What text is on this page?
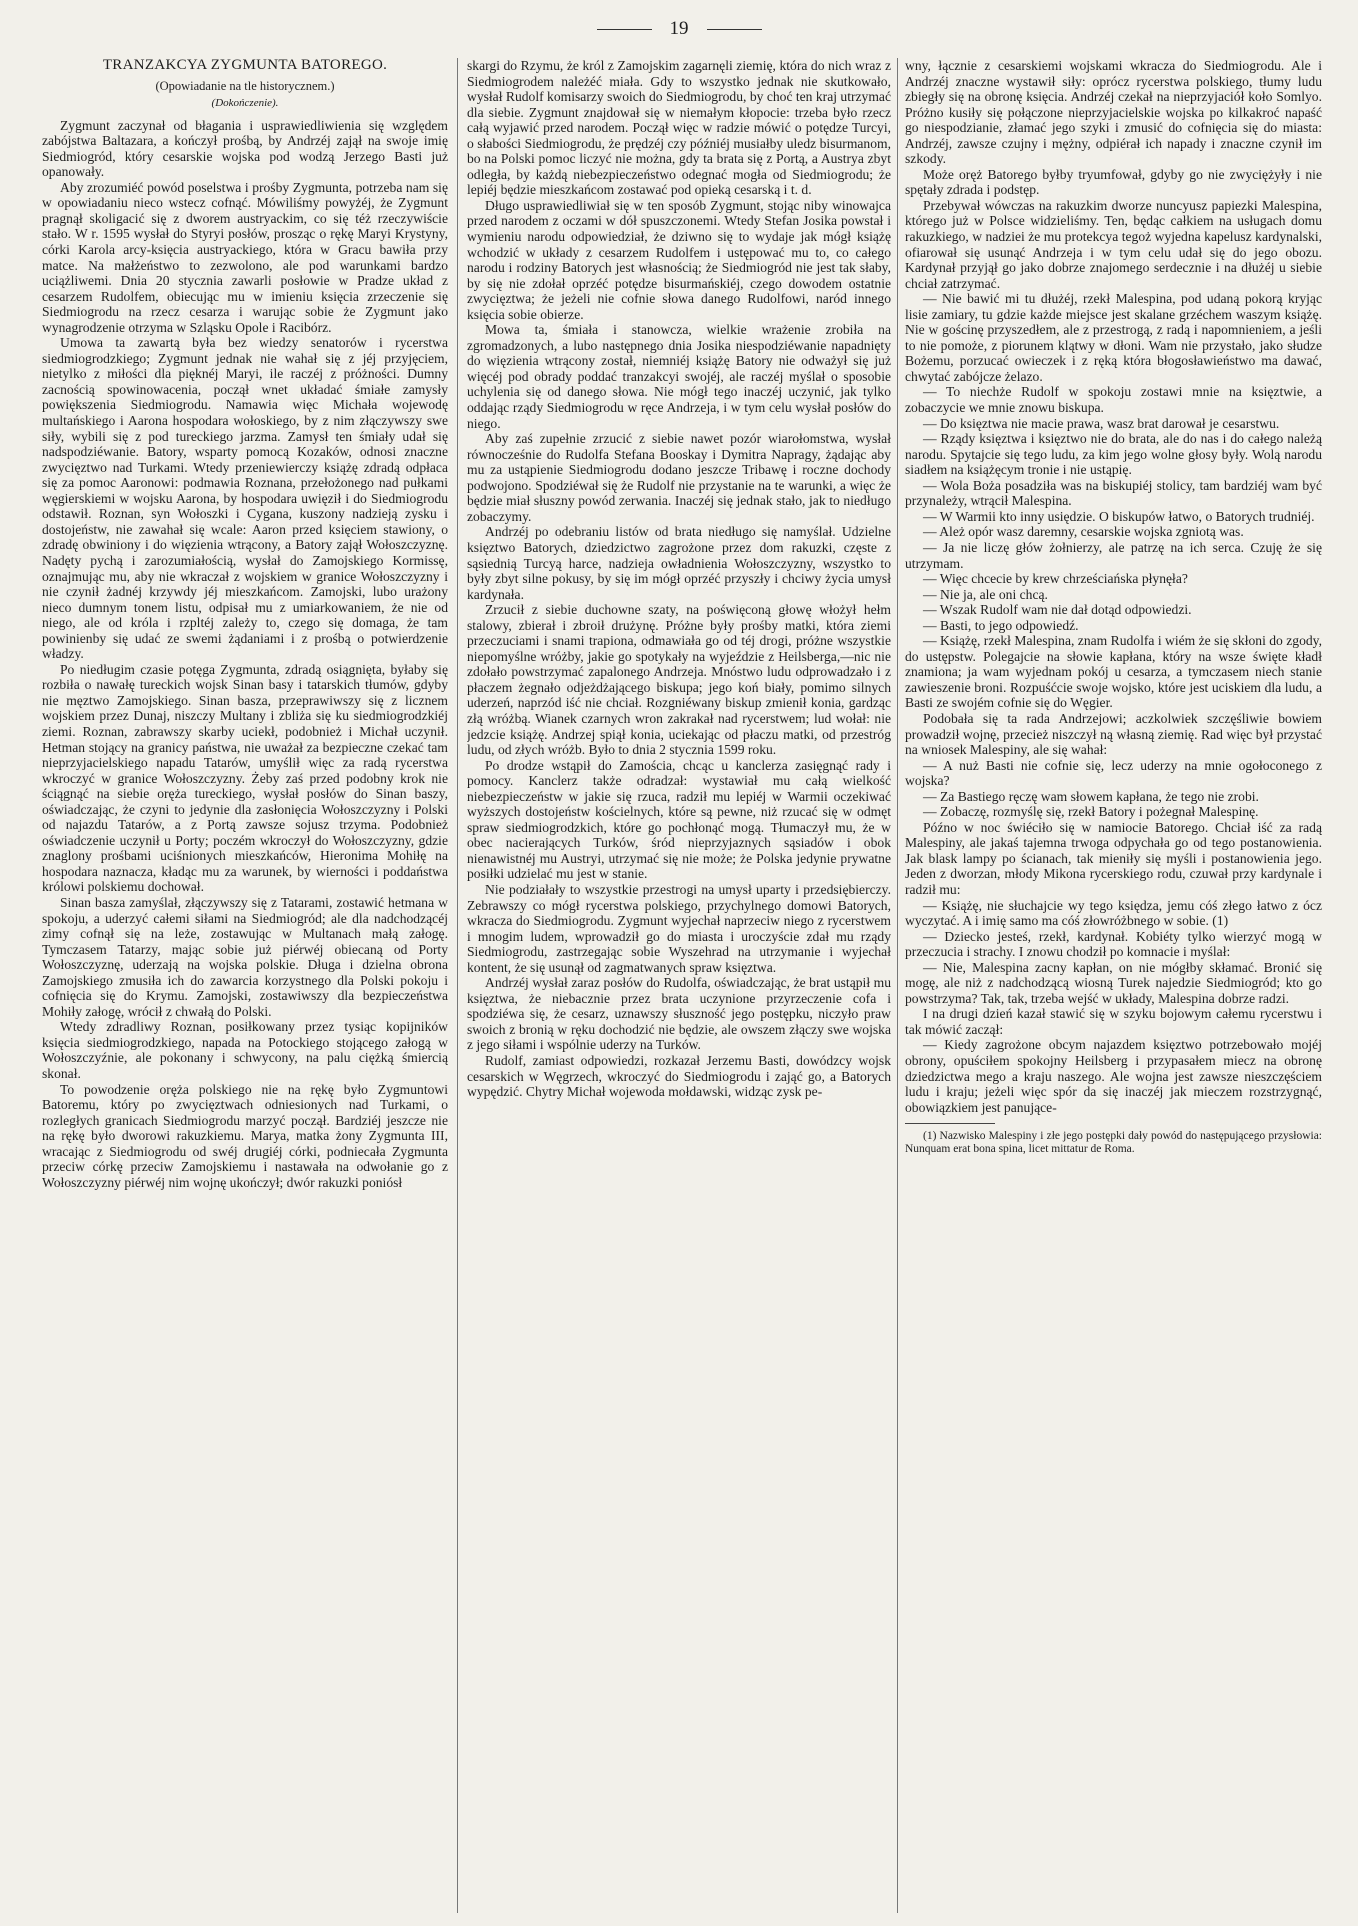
19
TRANZAKCYA ZYGMUNTA BATOREGO.
(Opowiadanie na tle historycznem.)
(Dokończenie).

Zygmunt zaczynał od błagania i usprawiedliwienia się względem zabójstwa Baltazara, a kończył prośbą, by Andrzéj zajął na swoje imię Siedmiogród, który cesarskie wojska pod wodzą Jerzego Basti już opanowały.

Aby zrozumiéć powód poselstwa i prośby Zygmunta, potrzeba nam się w opowiadaniu nieco wstecz cofnąć. Mówiliśmy powyżéj, że Zygmunt pragnął skoligacić się z dworem austryackim, co się téż rzeczywiście stało. W r. 1595 wysłał do Styryi posłów, prosząc o rękę Maryi Krystyny, córki Karola arcy-księcia austryackiego, która w Gracu bawiła przy matce. Na małżeństwo to zezwolono, ale pod warunkami bardzo uciążliwemi. Dnia 20 stycznia zawarli posłowie w Pradze układ z cesarzem Rudolfem, obiecując mu w imieniu księcia zrzeczenie się Siedmiogrodu na rzecz cesarza i warując sobie że Zygmunt jako wynagrodzenie otrzyma w Szląsku Opole i Racibórz.

Umowa ta zawartą była bez wiedzy senatorów i rycerstwa siedmiogrodzkiego; Zygmunt jednak nie wahał się z jéj przyjęciem, nietylko z miłości dla pięknéj Maryi, ile raczéj z próżności. Dumny zacnością spowinowacenia, począł wnet układać śmiałe zamysły powiększenia Siedmiogrodu. Namawia więc Michała wojewodę multańskiego i Aarona hospodara wołoskiego, by z nim złączywszy swe siły, wybili się z pod tureckiego jarzma. Zamysł ten śmiały udał się nadspodziéwanie. Batory, wsparty pomocą Kozaków, odnosi znaczne zwycięztwo nad Turkami. Wtedy przeniewierczy książę zdradą odpłaca się za pomoc Aaronowi: podmawia Roznana, przełożonego nad pułkami węgierskiemi w wojsku Aarona, by hospodara uwięził i do Siedmiogrodu odstawił. Roznan, syn Wołoszki i Cygana, kuszony nadzieją zysku i dostojeństw, nie zawahał się wcale: Aaron przed księciem stawiony, o zdradę obwiniony i do więzienia wtrącony, a Batory zajął Wołoszczyznę. Nadęty pychą i zarozumiałością, wysłał do Zamojskiego Kormissę, oznajmując mu, aby nie wkraczał z wojskiem w granice Wołoszczyzny i nie czynił żadnéj krzywdy jéj mieszkańcom. Zamojski, lubo urażony nieco dumnym tonem listu, odpisał mu z umiarkowaniem, że nie od niego, ale od króla i rzpltéj zależy to, czego się domaga, że tam powinienby się udać ze swemi żądaniami i z prośbą o potwierdzenie władzy.

Po niedługim czasie potęga Zygmunta, zdradą osiągnięta, byłaby się rozbiła o nawałę tureckich wojsk Sinan basy i tatarskich tłumów, gdyby nie męztwo Zamojskiego. Sinan basza, przeprawiwszy się z licznem wojskiem przez Dunaj, niszczy Multany i zbliża się ku siedmiogrodzkiéj ziemi. Roznan, zabrawszy skarby uciekł, podobnież i Michał uczynił. Hetman stojący na granicy państwa, nie uważał za bezpieczne czekać tam nieprzyjacielskiego napadu Tatarów, umyślił więc za radą rycerstwa wkroczyć w granice Wołoszczyzny. Żeby zaś przed podobny krok nie ściągnąć na siebie oręża tureckiego, wysłał posłów do Sinan baszy, oświadczając, że czyni to jedynie dla zasłonięcia Wołoszczyzny i Polski od najazdu Tatarów, a z Portą zawsze sojusz trzyma. Podobnież oświadczenie uczynił u Porty; poczém wkroczył do Wołoszczyzny, gdzie znaglony prośbami uciśnionych mieszkańców, Hieronima Mohiłę na hospodara naznacza, kładąc mu za warunek, by wierności i poddaństwa królowi polskiemu dochował.

Sinan basza zamyślał, złączywszy się z Tatarami, zostawić hetmana w spokoju, a uderzyć całemi siłami na Siedmiogród; ale dla nadchodzącéj zimy cofnął się na leże, zostawując w Multanach małą załogę. Tymczasem Tatarzy, mając sobie już piérwéj obiecaną od Porty Wołoszczyznę, uderzają na wojska polskie. Długa i dzielna obrona Zamojskiego zmusiła ich do zawarcia korzystnego dla Polski pokoju i cofnięcia się do Krymu. Zamojski, zostawiwszy dla bezpieczeństwa Mohiły załogę, wrócił z chwałą do Polski.

Wtedy zdradliwy Roznan, posiłkowany przez tysiąc kopijników księcia siedmiogrodzkiego, napada na Potockiego stojącego załogą w Wołoszczyźnie, ale pokonany i schwycony, na palu ciężką śmiercią skonał.

To powodzenie oręża polskiego nie na rękę było Zygmuntowi Batoremu, który po zwycięztwach odniesionych nad Turkami, o rozległych granicach Siedmiogrodu marzyć począł. Bardziéj jeszcze nie na rękę było dworowi rakuzkiemu. Marya, matka żony Zygmunta III, wracając z Siedmiogrodu od swéj drugiéj córki, podniecała Zygmunta przeciw córkę przeciw Zamojskiemu i nastawała na odwołanie go z Wołoszczyzny piérwéj nim wojnę ukończył; dwór rakuzki poniósł

skargi do Rzymu, że król z Zamojskim zagarnęli ziemię, która do nich wraz z Siedmiogrodem należéć miała. Gdy to wszystko jednak nie skutkowało, wysłał Rudolf komisarzy swoich do Siedmiogrodu, by choć ten kraj utrzymać dla siebie. Zygmunt znajdował się w niemałym kłopocie: trzeba było rzecz całą wyjawić przed narodem. Począł więc w radzie mówić o potędze Turcyi, o słabości Siedmiogrodu, że prędzéj czy późniéj musiałby uledz bisurmanom, bo na Polski pomoc liczyć nie można, gdy ta brata się z Portą, a Austrya zbyt odległa, by każdą niebezpieczeństwo odegnać mogła od Siedmiogrodu; że lepiéj będzie mieszkańcom zostawać pod opieką cesarską i t. d.

Długo usprawiedliwiał się w ten sposób Zygmunt, stojąc niby winowajca przed narodem z oczami w dół spuszczonemi. Wtedy Stefan Josika powstał i wymieniu narodu odpowiedział, że dziwno się to wydaje jak mógł książę wchodzić w układy z cesarzem Rudolfem i ustępować mu to, co całego narodu i rodziny Batorych jest własnością; że Siedmiogród nie jest tak słaby, by się nie zdołał oprzéć potędze bisurmańskiéj, czego dowodem ostatnie zwycięztwa; że jeżeli nie cofnie słowa danego Rudolfowi, naród innego księcia sobie obierze.

Mowa ta, śmiała i stanowcza, wielkie wrażenie zrobiła na zgromadzonych, a lubo następnego dnia Josika niespodziéwanie napadnięty do więzienia wtrącony został, niemniéj książę Batory nie odważył się już więcéj pod obrady poddać tranzakcyi swojéj, ale raczéj myślał o sposobie uchylenia się od danego słowa. Nie mógł tego inaczéj uczynić, jak tylko oddając rządy Siedmiogrodu w ręce Andrzeja, i w tym celu wysłał posłów do niego.

Aby zaś zupełnie zrzucić z siebie nawet pozór wiarołomstwa, wysłał równocześnie do Rudolfa Stefana Booskay i Dymitra Napragy, żądając aby mu za ustąpienie Siedmiogrodu dodano jeszcze Tribawę i roczne dochody podwojono. Spodziéwał się że Rudolf nie przystanie na te warunki, a więc że będzie miał słuszny powód zerwania. Inaczéj się jednak stało, jak to niedługo zobaczymy.

Andrzéj po odebraniu listów od brata niedługo się namyślał. Udzielne księztwo Batorych, dziedzictwo zagrożone przez dom rakuzki, częste z sąsiednią Turcyą harce, nadzieja owładnienia Wołoszczyzny, wszystko to były zbyt silne pokusy, by się im mógł oprzéć przyszły i chciwy życia umysł kardynała.

Zrzucił z siebie duchowne szaty, na poświęconą głowę włożył hełm stalowy, zbierał i zbroił drużynę. Próżne były prośby matki, która ziemi przeczuciami i snami trapiona, odmawiała go od téj drogi, próżne wszystkie niepomyślne wróżby, jakie go spotykały na wyjeździe z Heilsberga,—nic nie zdołało powstrzymać zapalonego Andrzeja. Mnóstwo ludu odprowadzało i z płaczem żegnało odjeżdżającego biskupa; jego koń biały, pomimo silnych uderzeń, naprzód iść nie chciał. Rozgniéwany biskup zmienił konia, gardząc złą wróżbą. Wianek czarnych wron zakrakał nad rycerstwem; lud wołał: nie jedzcie książę. Andrzej spiął konia, uciekając od płaczu matki, od przestróg ludu, od złych wróżb. Było to dnia 2 stycznia 1599 roku.

Po drodze wstąpił do Zamościa, chcąc u kanclerza zasięgnąć rady i pomocy. Kanclerz także odradzał: wystawiał mu całą wielkość niebezpieczeństw w jakie się rzuca, radził mu lepiéj w Warmii oczekiwać wyższych dostojeństw kościelnych, które są pewne, niż rzucać się w odmęt spraw siedmiogrodzkich, które go pochłonąć mogą. Tłumaczył mu, że w obec nacierających Turków, śród nieprzyjaznych sąsiadów i obok nienawistnéj mu Austryi, utrzymać się nie może; że Polska jedynie prywatne posiłki udzielać mu jest w stanie.

Nie podziałały to wszystkie przestrogi na umysł uparty i przedsiębierczy. Zebrawszy co mógł rycerstwa polskiego, przychylnego domowi Batorych, wkracza do Siedmiogrodu. Zygmunt wyjechał naprzeciw niego z rycerstwem i mnogim ludem, wprowadził go do miasta i uroczyście zdał mu rządy Siedmiogrodu, zastrzegając sobie Wyszehrad na utrzymanie i wyjechał kontent, że się usunął od zagmatwanych spraw księztwa.

Andrzéj wysłał zaraz posłów do Rudolfa, oświadczając, że brat ustąpił mu księztwa, że niebacznie przez brata uczynione przyrzeczenie cofa i spodziéwa się, że cesarz, uznawszy słuszność jego postępku, niczyło praw swoich z bronią w ręku dochodzić nie będzie, ale owszem złączy swe wojska z jego siłami i wspólnie uderzy na Turków.

Rudolf, zamiast odpowiedzi, rozkazał Jerzemu Basti, dowódzcy wojsk cesarskich w Węgrzech, wkroczyć do Siedmiogrodu i zająć go, a Batorych wypędzić. Chytry Michał wojewoda mołdawski, widząc zysk pe-

wny, łącznie z cesarskiemi wojskami wkracza do Siedmiogrodu. Ale i Andrzéj znaczne wystawił siły: oprócz rycerstwa polskiego, tłumy ludu zbiegły się na obronę księcia. Andrzéj czekał na nieprzyjaciół koło Somlyo. Próżno kusiły się połączone nieprzyjacielskie wojska po kilkakroć napaść go niespodzianie, złamać jego szyki i zmusić do cofnięcia się do miasta: Andrzéj, zawsze czujny i mężny, odpiérał ich napady i znaczne czynił im szkody.

Może oręż Batorego byłby tryumfował, gdyby go nie zwyciężyły i nie spętały zdrada i podstęp.

Przebywał wówczas na rakuzkim dworze nuncyusz papiezki Malespina, którego już w Polsce widzieliśmy. Ten, będąc całkiem na usługach domu rakuzkiego, w nadziei że mu protekcya tegoż wyjedna kapelusz kardynalski, ofiarował się usunąć Andrzeja i w tym celu udał się do jego obozu. Kardynał przyjął go jako dobrze znajomego serdecznie i na dłużéj u siebie chciał zatrzymać.

— Nie bawić mi tu dłużéj, rzekł Malespina, pod udaną pokorą kryjąc lisie zamiary, tu gdzie każde miejsce jest skalane grzéchem waszym książę. Nie w gościnę przyszedłem, ale z przestrogą, z radą i napomnieniem, a jeśli to nie pomoże, z piorunem klątwy w dłoni. Wam nie przystało, jako słudze Bożemu, porzucać owieczek i z ręką która błogosławieństwo ma dawać, chwytać zabójcze żelazo.

— To niechże Rudolf w spokoju zostawi mnie na księztwie, a zobaczycie we mnie znowu biskupa.

— Do księztwa nie macie prawa, wasz brat darował je cesarstwu.

— Rządy księztwa i księztwo nie do brata, ale do nas i do całego należą narodu. Spytajcie się tego ludu, za kim jego wolne głosy były. Wolą narodu siadłem na książęcym tronie i nie ustąpię.

— Wola Boża posadziła was na biskupiéj stolicy, tam bardziéj wam być przynależy, wtrącił Malespina.

— W Warmii kto inny usiędzie. O biskupów łatwo, o Batorych trudniéj.

— Ależ opór wasz daremny, cesarskie wojska zgniotą was.

— Ja nie liczę głów żołnierzy, ale patrzę na ich serca. Czuję że się utrzymam.

— Więc chcecie by krew chrześciańska płynęła?

— Nie ja, ale oni chcą.

— Wszak Rudolf wam nie dał dotąd odpowiedzi.

— Basti, to jego odpowiedź.

— Książę, rzekł Malespina, znam Rudolfa i wiém że się skłoni do zgody, do ustępstw. Polegajcie na słowie kapłana, który na wsze święte kładł znamiona; ja wam wyjednam pokój u cesarza, a tymczasem niech stanie zawieszenie broni. Rozpuśćcie swoje wojsko, które jest uciskiem dla ludu, a Basti ze swojém cofnie się do Węgier.

Podobała się ta rada Andrzejowi; aczkolwiek szczęśliwie bowiem prowadził wojnę, przecież niszczył ną własną ziemię. Rad więc był przystać na wniosek Malespiny, ale się wahał:

— A nuż Basti nie cofnie się, lecz uderzy na mnie ogołoconego z wojska?

— Za Bastiego ręczę wam słowem kapłana, że tego nie zrobi.

— Zobaczę, rozmyślę się, rzekł Batory i pożegnał Malespinę.

Późno w noc świéciło się w namiocie Batorego. Chciał iść za radą Malespiny, ale jakaś tajemna trwoga odpychała go od tego postanowienia. Jak blask lampy po ścianach, tak mieniły się myśli i postanowienia jego. Jeden z dworzan, młody Mikona rycerskiego rodu, czuwał przy kardynale i radził mu:

— Książę, nie słuchajcie wy tego księdza, jemu cóś złego łatwo z ócz wyczytać. A i imię samo ma cóś złowróżbnego w sobie. (1)

— Dziecko jesteś, rzekł, kardynał. Kobiéty tylko wierzyć mogą w przeczucia i strachy. I znowu chodził po komnacie i myślał:

— Nie, Malespina zacny kapłan, on nie mógłby skłamać. Bronić się mogę, ale niż z nadchodzącą wiosną Turek najedzie Siedmiogród; kto go powstrzyma? Tak, tak, trzeba wejść w układy, Malespina dobrze radzi.

I na drugi dzień kazał stawić się w szyku bojowym całemu rycerstwu i tak mówić zaczął:

— Kiedy zagrożone obcym najazdem księztwo potrzebowało mojéj obrony, opuściłem spokojny Heilsberg i przypasałem miecz na obronę dziedzictwa mego a kraju naszego. Ale wojna jest zawsze nieszczęściem ludu i kraju; jeżeli więc spór da się inaczéj jak mieczem rozstrzygnąć, obowiązkiem jest panujące-

(1) Nazwisko Malespiny i złe jego postępki dały powód do następującego przysłowia: Nunquam erat bona spina, licet mittatur de Roma.
